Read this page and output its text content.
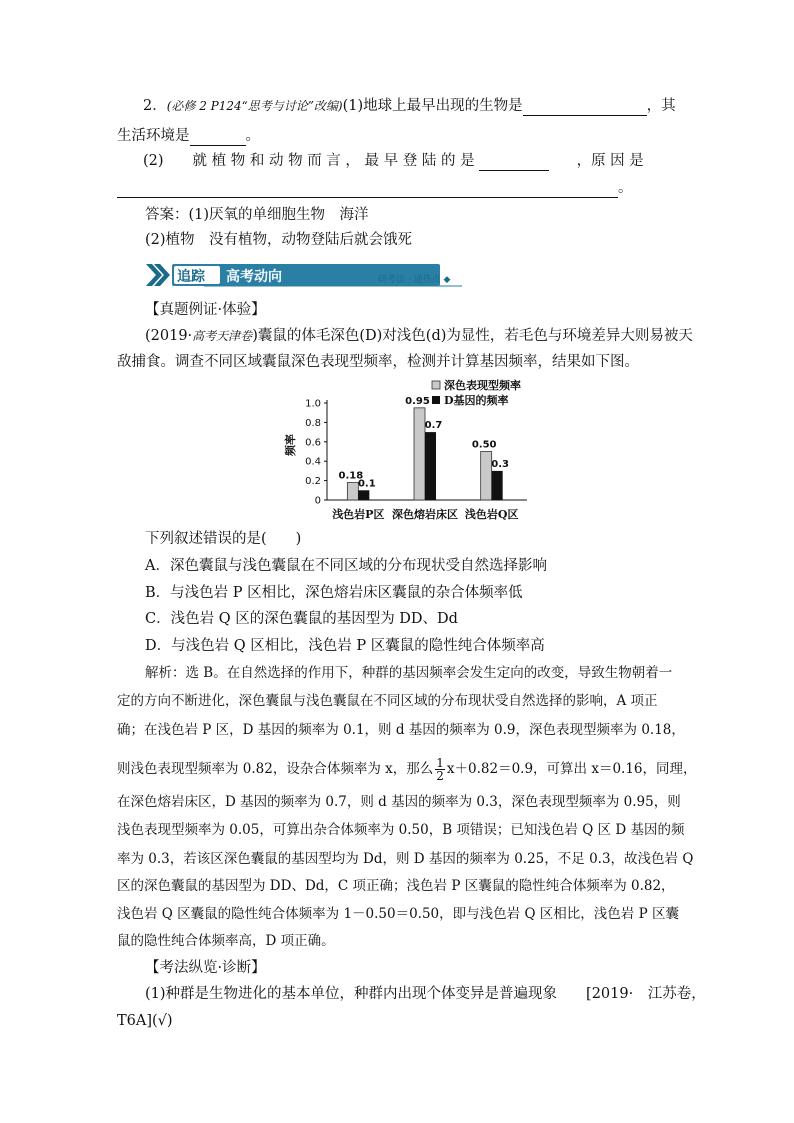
2．(必修 2 P124“思考与讨论”改编)(1)地球上最早出现的生物是	，其
生活环境是	。
(2)　　就 植 物 和 动 物 而 言 ， 最 早 登 陆 的 是	，原 因 是
。
答案：(1)厌氧的单细胞生物　海洋
(2)植物　没有植物，动物登陆后就会饿死
追踪 高考动向	研考法 · 通热点 ◆
【真题例证·体验】
(2019·高考天津卷)囊鼠的体毛深色(D)对浅色(d)为显性，若毛色与环境差异大则易被天
敌捕食。调查不同区域囊鼠深色表现型频率，检测并计算基因频率，结果如下图。
频率
0
0.2
0.4
0.6
0.8
1.0
0.18
0.1
浅色岩P区
0.95
0.7
深色熔岩床区
0.50
0.3
浅色岩Q区
深色表现型频率
D基因的频率
下列叙述错误的是(　　)
A．深色囊鼠与浅色囊鼠在不同区域的分布现状受自然选择影响
B．与浅色岩 P 区相比，深色熔岩床区囊鼠的杂合体频率低
C．浅色岩 Q 区的深色囊鼠的基因型为 DD、Dd
D．与浅色岩 Q 区相比，浅色岩 P 区囊鼠的隐性纯合体频率高
解析：选 B。在自然选择的作用下，种群的基因频率会发生定向的改变，导致生物朝着一
定的方向不断进化，深色囊鼠与浅色囊鼠在不同区域的分布现状受自然选择的影响，A 项正
确；在浅色岩 P 区，D 基因的频率为 0.1，则 d 基因的频率为 0.9，深色表现型频率为 0.18，
则浅色表现型频率为 0.82，设杂合体频率为 x，那么 $\frac{1}{2} x+0.82=0.9$，可算出 x＝0.16，同理，
在深色熔岩床区，D 基因的频率为 0.7，则 d 基因的频率为 0.3，深色表现型频率为 0.95，则
浅色表现型频率为 0.05，可算出杂合体频率为 0.50，B 项错误；已知浅色岩 Q 区 D 基因的频
率为 0.3，若该区深色囊鼠的基因型均为 Dd，则 D 基因的频率为 0.25，不足 0.3，故浅色岩 Q
区的深色囊鼠的基因型为 DD、Dd，C 项正确；浅色岩 P 区囊鼠的隐性纯合体频率为 0.82，
浅色岩 Q 区囊鼠的隐性纯合体频率为 1－0.50＝0.50，即与浅色岩 Q 区相比，浅色岩 P 区囊
鼠的隐性纯合体频率高，D 项正确。
【考法纵览·诊断】
(1)种群是生物进化的基本单位，种群内出现个体变异是普遍现象　　[2019·　江苏卷，
T6A](√)
